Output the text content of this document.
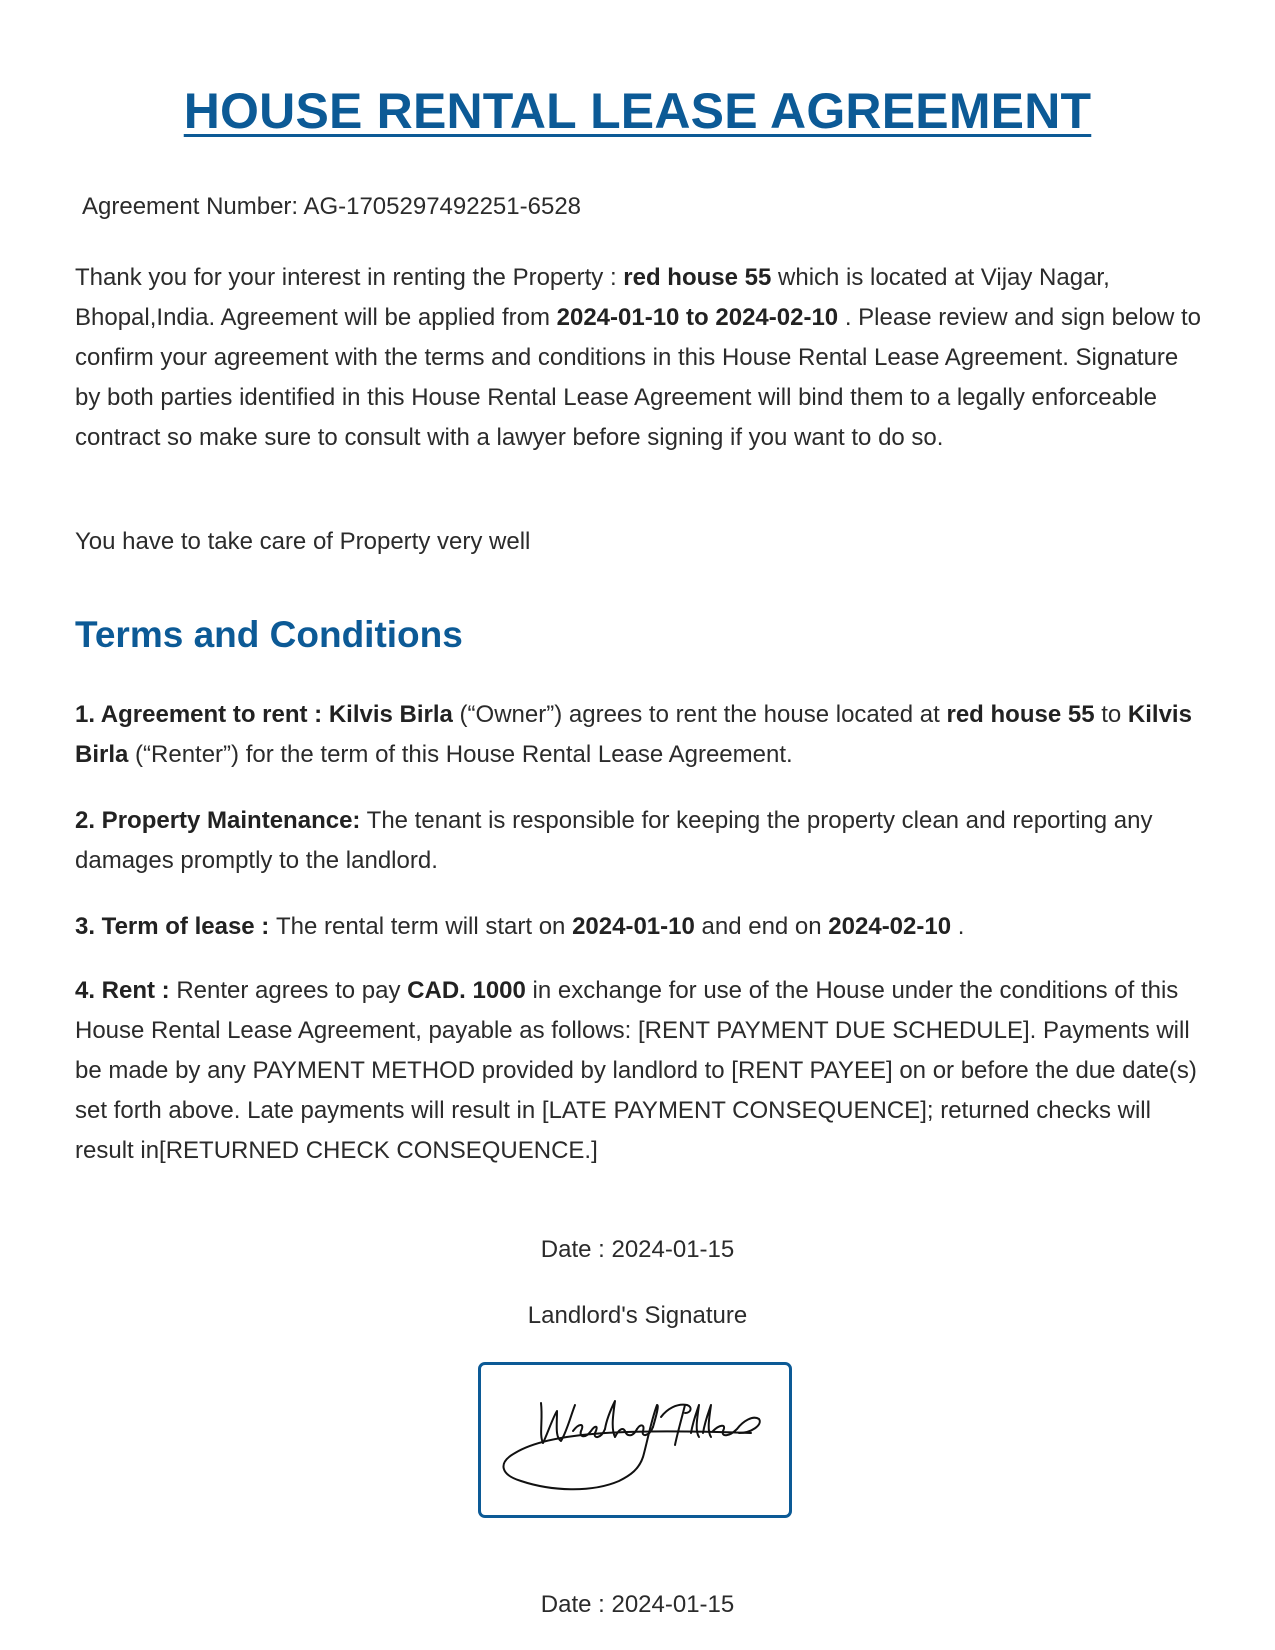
HOUSE RENTAL LEASE AGREEMENT

Agreement Number: AG-1705297492251-6528

Thank you for your interest in renting the Property : red house 55 which is located at Vijay Nagar, Bhopal,India. Agreement will be applied from 2024-01-10 to 2024-02-10 . Please review and sign below to confirm your agreement with the terms and conditions in this House Rental Lease Agreement. Signature by both parties identified in this House Rental Lease Agreement will bind them to a legally enforceable contract so make sure to consult with a lawyer before signing if you want to do so.

You have to take care of Property very well

Terms and Conditions

1. Agreement to rent : Kilvis Birla (“Owner”) agrees to rent the house located at red house 55 to Kilvis Birla (“Renter”) for the term of this House Rental Lease Agreement.

2. Property Maintenance: The tenant is responsible for keeping the property clean and reporting any damages promptly to the landlord.

3. Term of lease : The rental term will start on 2024-01-10 and end on 2024-02-10 .

4. Rent : Renter agrees to pay CAD. 1000 in exchange for use of the House under the conditions of this House Rental Lease Agreement, payable as follows: [RENT PAYMENT DUE SCHEDULE]. Payments will be made by any PAYMENT METHOD provided by landlord to [RENT PAYEE] on or before the due date(s) set forth above. Late payments will result in [LATE PAYMENT CONSEQUENCE]; returned checks will result in[RETURNED CHECK CONSEQUENCE.]

Date : 2024-01-15

Landlord's Signature

Date : 2024-01-15
